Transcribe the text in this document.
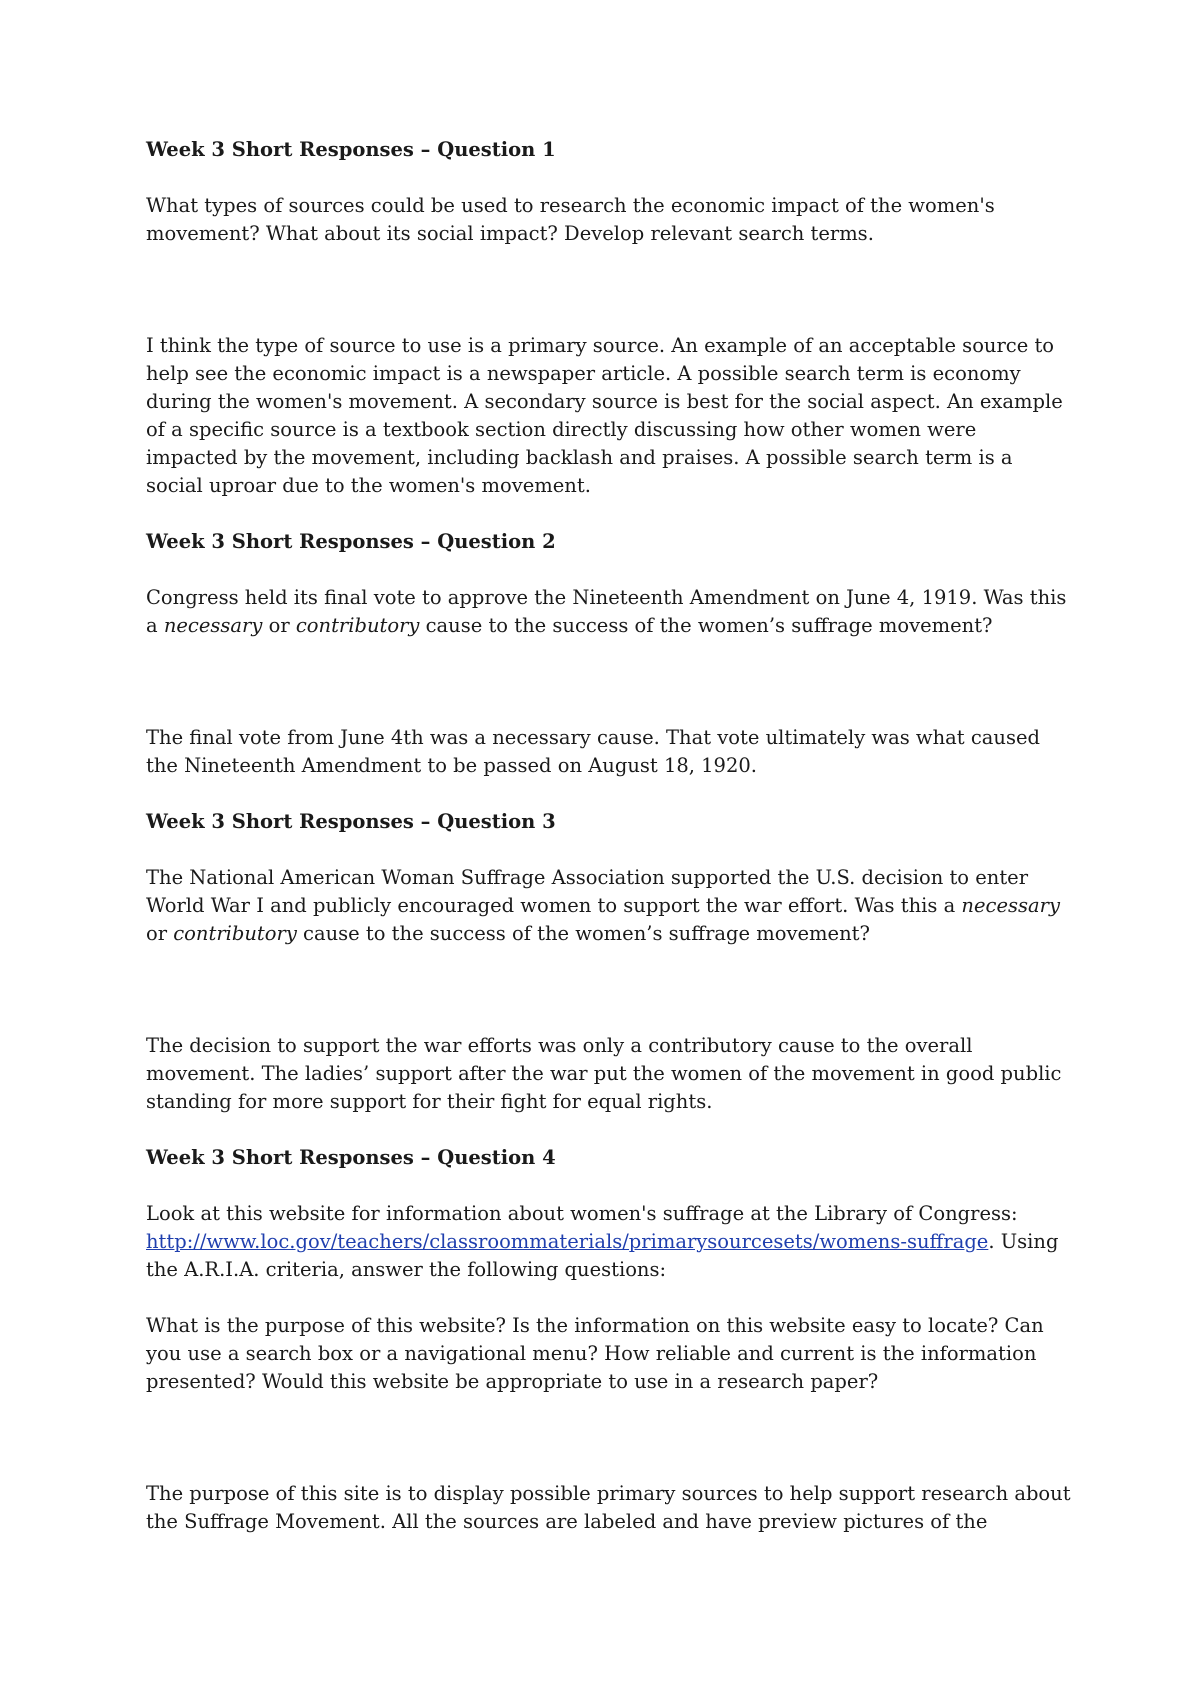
Week 3 Short Responses – Question 1

What types of sources could be used to research the economic impact of the women's movement? What about its social impact? Develop relevant search terms.

I think the type of source to use is a primary source. An example of an acceptable source to help see the economic impact is a newspaper article. A possible search term is economy during the women's movement. A secondary source is best for the social aspect. An example of a specific source is a textbook section directly discussing how other women were impacted by the movement, including backlash and praises. A possible search term is a social uproar due to the women's movement.

Week 3 Short Responses – Question 2

Congress held its final vote to approve the Nineteenth Amendment on June 4, 1919. Was this a necessary or contributory cause to the success of the women’s suffrage movement?

The final vote from June 4th was a necessary cause. That vote ultimately was what caused the Nineteenth Amendment to be passed on August 18, 1920.

Week 3 Short Responses – Question 3

The National American Woman Suffrage Association supported the U.S. decision to enter World War I and publicly encouraged women to support the war effort. Was this a necessary or contributory cause to the success of the women’s suffrage movement?

The decision to support the war efforts was only a contributory cause to the overall movement. The ladies’ support after the war put the women of the movement in good public standing for more support for their fight for equal rights.

Week 3 Short Responses – Question 4

Look at this website for information about women's suffrage at the Library of Congress: http://www.loc.gov/teachers/classroommaterials/primarysourcesets/womens-suffrage. Using the A.R.I.A. criteria, answer the following questions:

What is the purpose of this website? Is the information on this website easy to locate? Can you use a search box or a navigational menu? How reliable and current is the information presented? Would this website be appropriate to use in a research paper?

The purpose of this site is to display possible primary sources to help support research about the Suffrage Movement. All the sources are labeled and have preview pictures of the
